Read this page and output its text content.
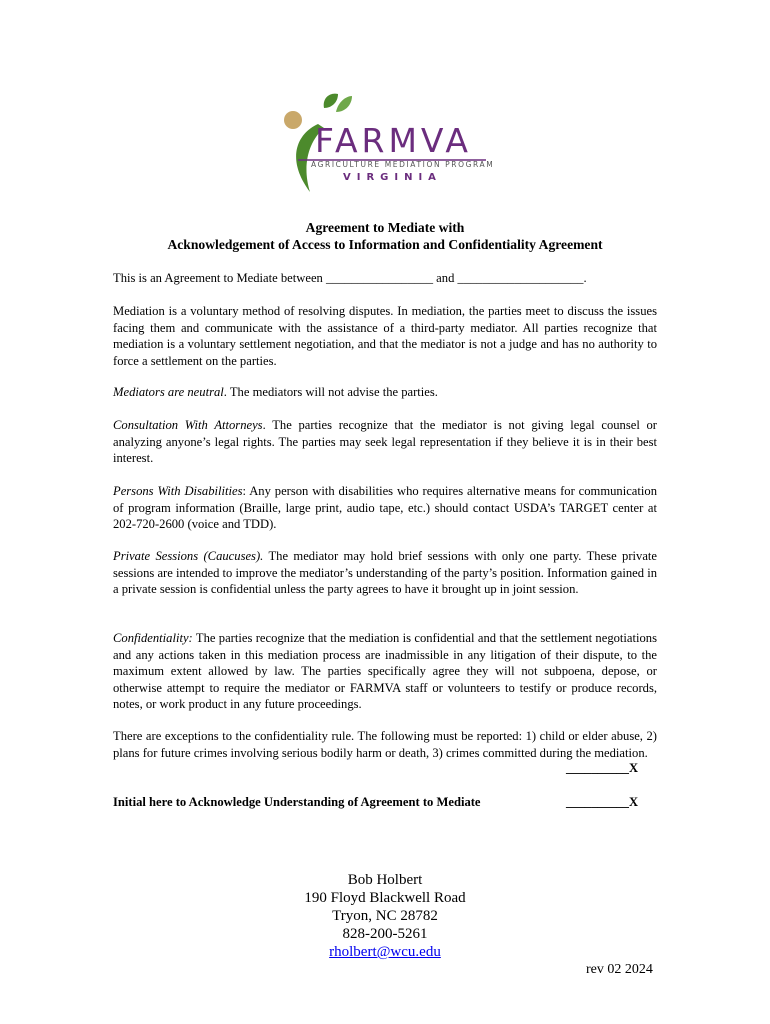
FARMVA
AGRICULTURE MEDIATION PROGRAM
VIRGINIA
Agreement to Mediate with
Acknowledgement of Access to Information and Confidentiality Agreement

This is an Agreement to Mediate between _________________ and ____________________.

Mediation is a voluntary method of resolving disputes. In mediation, the parties meet to discuss the issues facing them and communicate with the assistance of a third-party mediator. All parties recognize that mediation is a voluntary settlement negotiation, and that the mediator is not a judge and has no authority to force a settlement on the parties.

Mediators are neutral. The mediators will not advise the parties.

Consultation With Attorneys. The parties recognize that the mediator is not giving legal counsel or analyzing anyone’s legal rights. The parties may seek legal representation if they believe it is in their best interest.

Persons With Disabilities: Any person with disabilities who requires alternative means for communication of program information (Braille, large print, audio tape, etc.) should contact USDA’s TARGET center at 202-720-2600 (voice and TDD).

Private Sessions (Caucuses). The mediator may hold brief sessions with only one party. These private sessions are intended to improve the mediator’s understanding of the party’s position. Information gained in a private session is confidential unless the party agrees to have it brought up in joint session.

Confidentiality: The parties recognize that the mediation is confidential and that the settlement negotiations and any actions taken in this mediation process are inadmissible in any litigation of their dispute, to the maximum extent allowed by law. The parties specifically agree they will not subpoena, depose, or otherwise attempt to require the mediator or FARMVA staff or volunteers to testify or produce records, notes, or work product in any future proceedings.

There are exceptions to the confidentiality rule. The following must be reported: 1) child or elder abuse, 2) plans for future crimes involving serious bodily harm or death, 3) crimes committed during the mediation.

__________X
Initial here to Acknowledge Understanding of Agreement to Mediate	__________X
Bob Holbert
190 Floyd Blackwell Road
Tryon, NC 28782
828-200-5261
rholbert@wcu.edu
rev 02 2024
